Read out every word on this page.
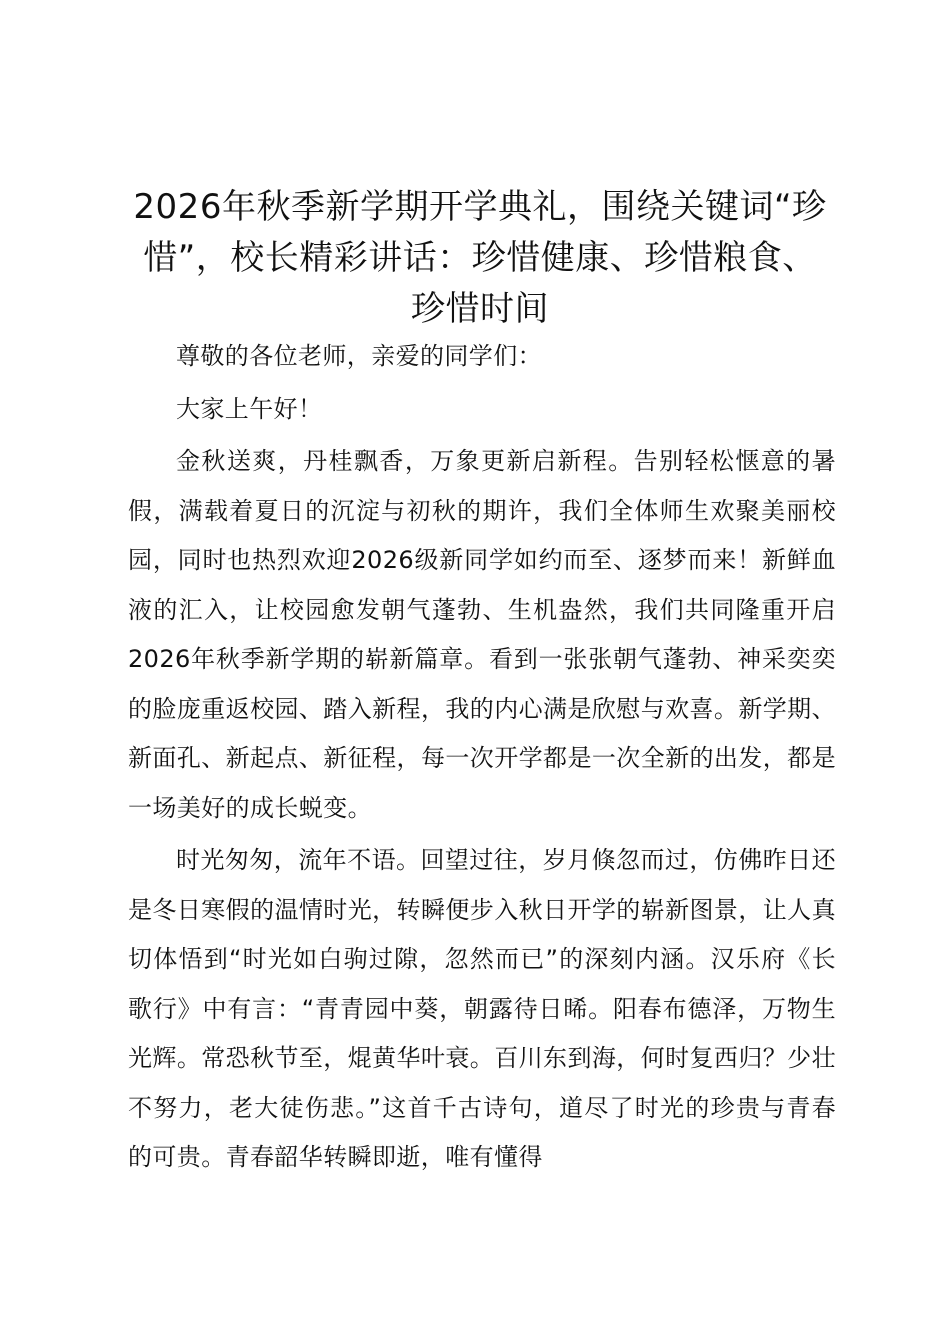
2026年秋季新学期开学典礼，围绕关键词“珍惜”，校长精彩讲话：珍惜健康、珍惜粮食、珍惜时间

尊敬的各位老师，亲爱的同学们：

大家上午好！

金秋送爽，丹桂飘香，万象更新启新程。告别轻松惬意的暑假，满载着夏日的沉淀与初秋的期许，我们全体师生欢聚美丽校园，同时也热烈欢迎2026级新同学如约而至、逐梦而来！新鲜血液的汇入，让校园愈发朝气蓬勃、生机盎然，我们共同隆重开启2026年秋季新学期的崭新篇章。看到一张张朝气蓬勃、神采奕奕的脸庞重返校园、踏入新程，我的内心满是欣慰与欢喜。新学期、新面孔、新起点、新征程，每一次开学都是一次全新的出发，都是一场美好的成长蜕变。

时光匆匆，流年不语。回望过往，岁月倏忽而过，仿佛昨日还是冬日寒假的温情时光，转瞬便步入秋日开学的崭新图景，让人真切体悟到“时光如白驹过隙，忽然而已”的深刻内涵。汉乐府《长歌行》中有言：“青青园中葵，朝露待日晞。阳春布德泽，万物生光辉。常恐秋节至，焜黄华叶衰。百川东到海，何时复西归？少壮不努力，老大徒伤悲。”这首千古诗句，道尽了时光的珍贵与青春的可贵。青春韶华转瞬即逝，唯有懂得
